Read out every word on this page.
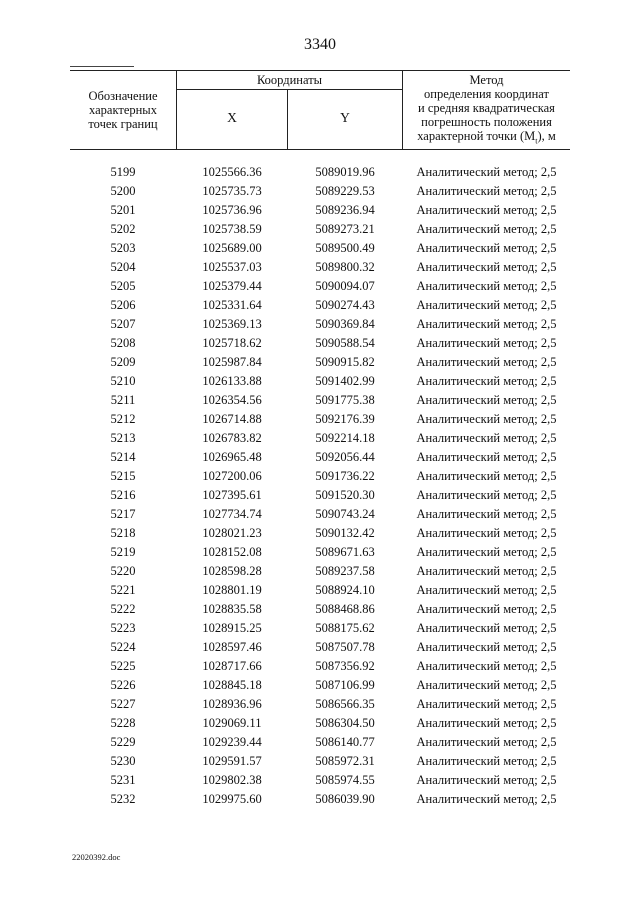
3340
Обозначение
характерных
точек границ
Координаты
X	Y
Метод
определения координат
и средняя квадратическая
погрешность положения
характерной точки $(M_t)$, м
5199	1025566.36	5089019.96	Аналитический метод; 2,5
5200	1025735.73	5089229.53	Аналитический метод; 2,5
5201	1025736.96	5089236.94	Аналитический метод; 2,5
5202	1025738.59	5089273.21	Аналитический метод; 2,5
5203	1025689.00	5089500.49	Аналитический метод; 2,5
5204	1025537.03	5089800.32	Аналитический метод; 2,5
5205	1025379.44	5090094.07	Аналитический метод; 2,5
5206	1025331.64	5090274.43	Аналитический метод; 2,5
5207	1025369.13	5090369.84	Аналитический метод; 2,5
5208	1025718.62	5090588.54	Аналитический метод; 2,5
5209	1025987.84	5090915.82	Аналитический метод; 2,5
5210	1026133.88	5091402.99	Аналитический метод; 2,5
5211	1026354.56	5091775.38	Аналитический метод; 2,5
5212	1026714.88	5092176.39	Аналитический метод; 2,5
5213	1026783.82	5092214.18	Аналитический метод; 2,5
5214	1026965.48	5092056.44	Аналитический метод; 2,5
5215	1027200.06	5091736.22	Аналитический метод; 2,5
5216	1027395.61	5091520.30	Аналитический метод; 2,5
5217	1027734.74	5090743.24	Аналитический метод; 2,5
5218	1028021.23	5090132.42	Аналитический метод; 2,5
5219	1028152.08	5089671.63	Аналитический метод; 2,5
5220	1028598.28	5089237.58	Аналитический метод; 2,5
5221	1028801.19	5088924.10	Аналитический метод; 2,5
5222	1028835.58	5088468.86	Аналитический метод; 2,5
5223	1028915.25	5088175.62	Аналитический метод; 2,5
5224	1028597.46	5087507.78	Аналитический метод; 2,5
5225	1028717.66	5087356.92	Аналитический метод; 2,5
5226	1028845.18	5087106.99	Аналитический метод; 2,5
5227	1028936.96	5086566.35	Аналитический метод; 2,5
5228	1029069.11	5086304.50	Аналитический метод; 2,5
5229	1029239.44	5086140.77	Аналитический метод; 2,5
5230	1029591.57	5085972.31	Аналитический метод; 2,5
5231	1029802.38	5085974.55	Аналитический метод; 2,5
5232	1029975.60	5086039.90	Аналитический метод; 2,5
22020392.doc
